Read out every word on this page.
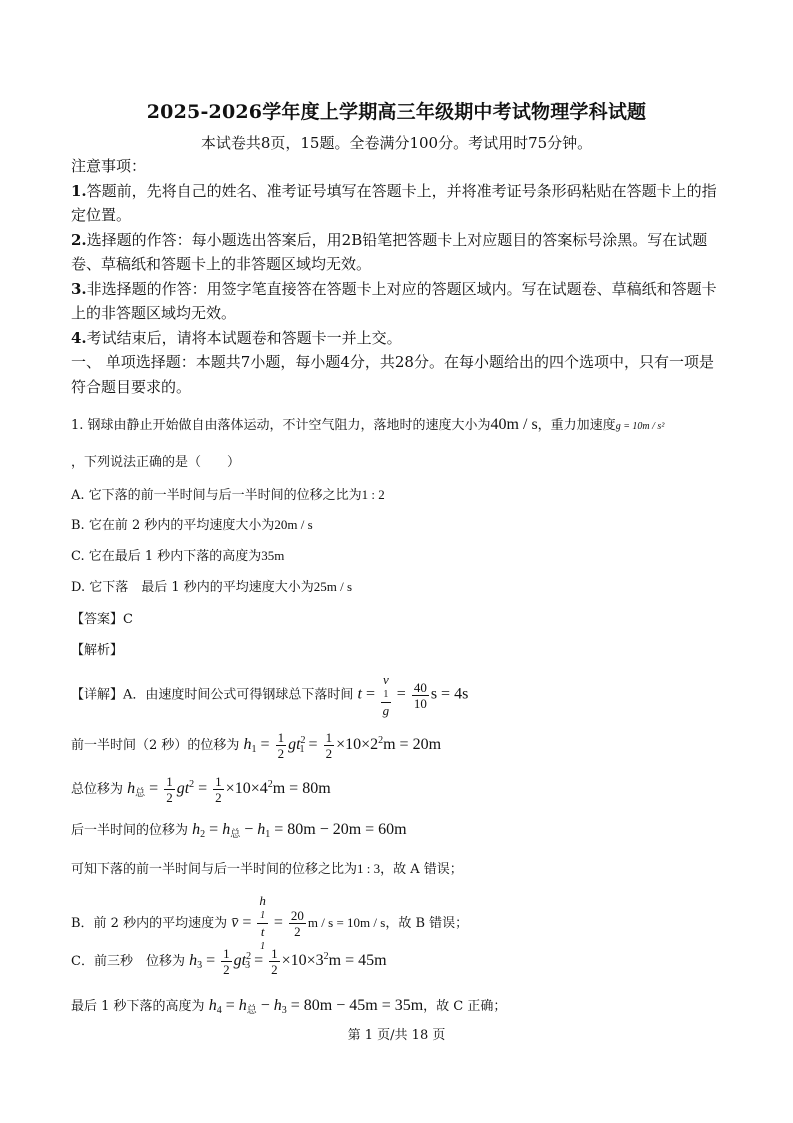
2025-2026学年度上学期高三年级期中考试物理学科试题
本试卷共8页，15题。全卷满分100分。考试用时75分钟。

注意事项：

1.答题前，先将自己的姓名、准考证号填写在答题卡上，并将准考证号条形码粘贴在答题卡上的指定位置。

2.选择题的作答：每小题选出答案后，用2B铅笔把答题卡上对应题目的答案标号涂黑。写在试题卷、草稿纸和答题卡上的非答题区域均无效。

3.非选择题的作答：用签字笔直接答在答题卡上对应的答题区域内。写在试题卷、草稿纸和答题卡上的非答题区域均无效。

4.考试结束后，请将本试题卷和答题卡一并上交。

一、 单项选择题：本题共7小题，每小题4分，共28分。在每小题给出的四个选项中，只有一项是符合题目要求的。

1. 钢球由静止开始做自由落体运动，不计空气阻力，落地时的速度大小为40m / s，重力加速度g = 10m / s²
，下列说法正确的是（　　）
A. 它下落的前一半时间与后一半时间的位移之比为1 : 2
B. 它在前 2 秒内的平均速度大小为20m / s
C. 它在最后 1 秒内下落的高度为35m
D. 它下落　最后 1 秒内的平均速度大小为25m / s
【答案】C
【解析】
【详解】A．由速度时间公式可得钢球总下落时间 t = v
1
$g = \frac{40}{10}$ s = 4s
前一半时间（2 秒）的位移为 $h_1 = \frac{1}{2} gt^2_1 = \frac{1}{2} \times 10\times 2^2m = 20m$
总位移为 $h_总 = \frac{1}{2} gt^2 = \frac{1}{2} \times 10\times 4^2m = 80m$
后一半时间的位移为 $h_2 = h_总 - h_1 = 80m - 20m = 60m$
可知下落的前一半时间与后一半时间的位移之比为1 : 3，故 A 错误；
B．前 2 秒内的平均速度为 v̄ = h
1
t
$1 = \frac{20}{2}$ m / s = 10m / s，故 B 错误；
C．前三秒　位移为 $h_3 = \frac{1}{2} gt^2_3 = \frac{1}{2} \times 10\times 3^2m = 45m$
最后 1 秒下落的高度为 $h_4 = h_总 - h_3 = 80m - 45m = 35m$，故 C 正确；
第 1 页/共 18 页
